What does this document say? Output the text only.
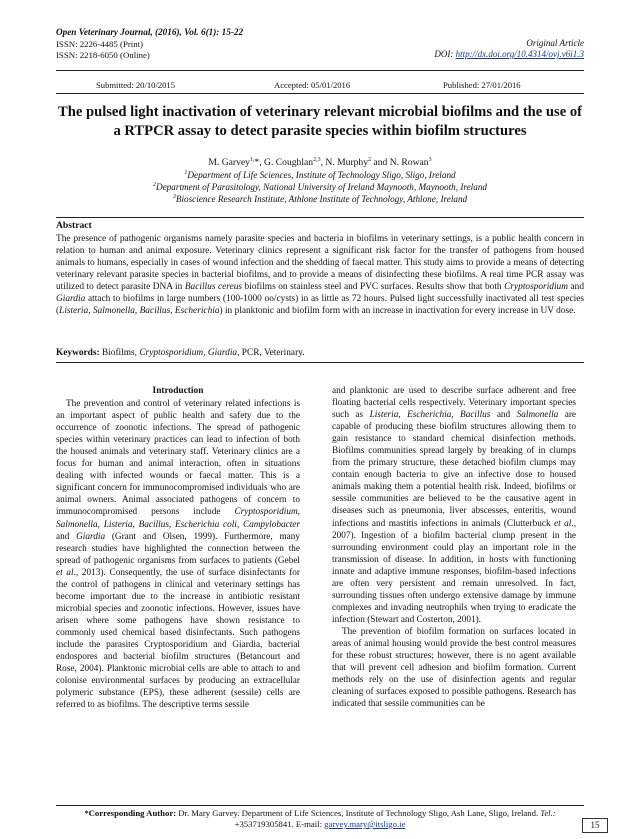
Open Veterinary Journal, (2016), Vol. 6(1): 15-22
ISSN: 2226-4485 (Print)
ISSN: 2218-6050 (Online)
Original Article
DOI: http://dx.doi.org/10.4314/ovj.v6i1.3
Submitted: 20/10/2015	Accepted: 05/01/2016	Published: 27/01/2016
The pulsed light inactivation of veterinary relevant microbial biofilms and the use of a RTPCR assay to detect parasite species within biofilm structures
M. Garvey$^{1,}$*, G. Coughlan$^{2,3}$, N. Murphy$^2$ and N. Rowan$^3$
$^1$Department of Life Sciences, Institute of Technology Sligo, Sligo, Ireland
$^2$Department of Parasitology, National University of Ireland Maynooth, Maynooth, Ireland
$^3$Bioscience Research Institute, Athlone Institute of Technology, Athlone, Ireland
Abstract
The presence of pathogenic organisms namely parasite species and bacteria in biofilms in veterinary settings, is a public health concern in relation to human and animal exposure. Veterinary clinics represent a significant risk factor for the transfer of pathogens from housed animals to humans, especially in cases of wound infection and the shedding of faecal matter. This study aims to provide a means of detecting veterinary relevant parasite species in bacterial biofilms, and to provide a means of disinfecting these biofilms. A real time PCR assay was utilized to detect parasite DNA in Bacillus cereus biofilms on stainless steel and PVC surfaces. Results show that both Cryptosporidium and Giardia attach to biofilms in large numbers (100-1000 oo/cysts) in as little as 72 hours. Pulsed light successfully inactivated all test species (Listeria, Salmonella, Bacillus, Escherichia) in planktonic and biofilm form with an increase in inactivation for every increase in UV dose.
Keywords: Biofilms, Cryptosporidium, Giardia, PCR, Veterinary.
Introduction

The prevention and control of veterinary related infections is an important aspect of public health and safety due to the occurrence of zoonotic infections. The spread of pathogenic species within veterinary practices can lead to infection of both the housed animals and veterinary staff. Veterinary clinics are a focus for human and animal interaction, often in situations dealing with infected wounds or faecal matter. This is a significant concern for immunocompromised individuals who are animal owners. Animal associated pathogens of concern to immunocompromised persons include Cryptosporidium, Salmonella, Listeria, Bacillus, Escherichia coli, Campylobacter and Giardia (Grant and Olsen, 1999). Furthermore, many research studies have highlighted the connection between the spread of pathogenic organisms from surfaces to patients (Gebel et al., 2013). Consequently, the use of surface disinfectants for the control of pathogens in clinical and veterinary settings has become important due to the increase in antibiotic resistant microbial species and zoonotic infections. However, issues have arisen where some pathogens have shown resistance to commonly used chemical based disinfectants. Such pathogens include the parasites Cryptosporidium and Giardia, bacterial endospores and bacterial biofilm structures (Betancourt and Rose, 2004). Planktonic microbial cells are able to attach to and colonise environmental surfaces by producing an extracellular polymeric substance (EPS), these adherent (sessile) cells are referred to as biofilms. The descriptive terms sessile

and planktonic are used to describe surface adherent and free floating bacterial cells respectively. Veterinary important species such as Listeria, Escherichia, Bacillus and Salmonella are capable of producing these biofilm structures allowing them to gain resistance to standard chemical disinfection methods. Biofilms communities spread largely by breaking of in clumps from the primary structure, these detached biofilm clumps may contain enough bacteria to give an infective dose to housed animals making them a potential health risk. Indeed, biofilms or sessile communities are believed to be the causative agent in diseases such as pneumonia, liver abscesses, enteritis, wound infections and mastitis infections in animals (Clutterbuck et al., 2007). Ingestion of a biofilm bacterial clump present in the surrounding environment could play an important role in the transmission of disease. In addition, in hosts with functioning innate and adaptive immune responses, biofilm-based infections are often very persistent and remain unresolved. In fact, surrounding tissues often undergo extensive damage by immune complexes and invading neutrophils when trying to eradicate the infection (Stewart and Costerton, 2001).

The prevention of biofilm formation on surfaces located in areas of animal housing would provide the best control measures for these robust structures; however, there is no agent available that will prevent cell adhesion and biofilm formation. Current methods rely on the use of disinfection agents and regular cleaning of surfaces exposed to possible pathogens. Research has indicated that sessile communities can be

*Corresponding Author: Dr. Mary Garvey. Department of Life Sciences, Institute of Technology Sligo, Ash Lane, Sligo, Ireland. Tel.: +353719305841. E-mail: garvey.mary@itsligo.ie	15
